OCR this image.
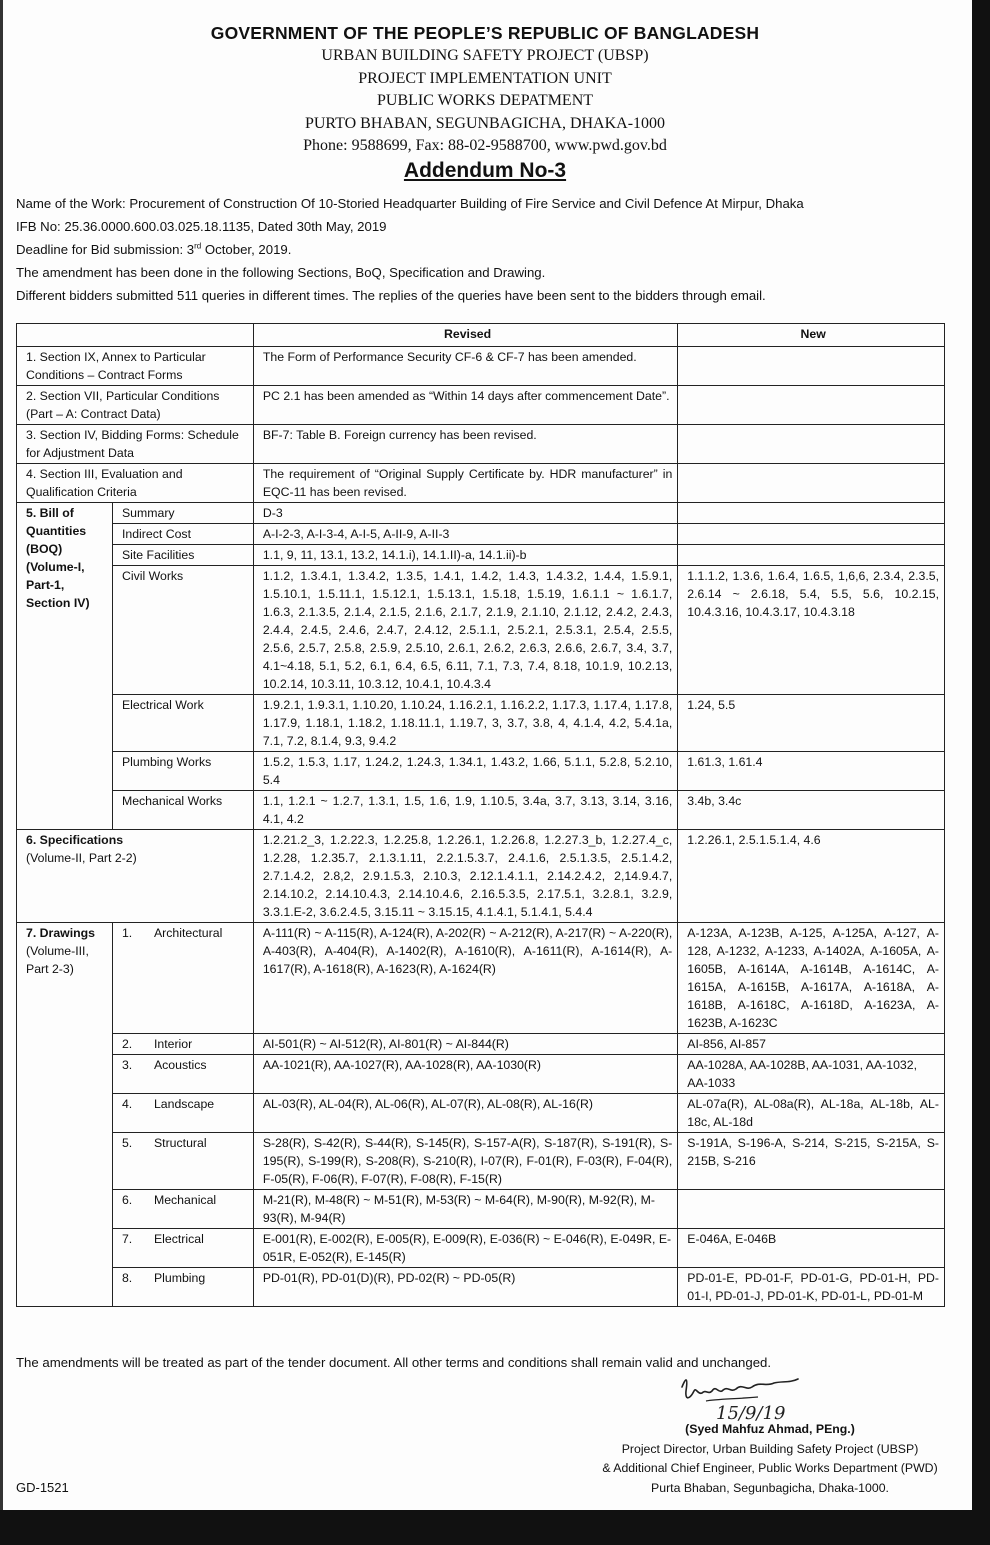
GOVERNMENT OF THE PEOPLE’S REPUBLIC OF BANGLADESH
URBAN BUILDING SAFETY PROJECT (UBSP)
PROJECT IMPLEMENTATION UNIT
PUBLIC WORKS DEPATMENT
PURTO BHABAN, SEGUNBAGICHA, DHAKA-1000
Phone: 9588699, Fax: 88-02-9588700, www.pwd.gov.bd
Addendum No-3
Name of the Work: Procurement of Construction Of 10-Storied Headquarter Building of Fire Service and Civil Defence At Mirpur, Dhaka
IFB No: 25.36.0000.600.03.025.18.1135, Dated 30th May, 2019
Deadline for Bid submission: 3rd October, 2019.
The amendment has been done in the following Sections, BoQ, Specification and Drawing.
Different bidders submitted 511 queries in different times. The replies of the queries have been sent to the bidders through email.
		Revised	New
1. Section IX, Annex to Particular Conditions – Contract Forms		The Form of Performance Security CF-6 & CF-7 has been amended.	
2. Section VII, Particular Conditions (Part – A: Contract Data)		PC 2.1 has been amended as “Within 14 days after commencement Date”.	
3. Section IV, Bidding Forms: Schedule for Adjustment Data		BF-7: Table B. Foreign currency has been revised.	
4. Section III, Evaluation and Qualification Criteria		The requirement of “Original Supply Certificate by. HDR manufacturer” in EQC-11 has been revised.	
5. Bill of Quantities (BOQ) (Volume-I, Part-1, Section IV)	Summary	D-3	
	Indirect Cost	A-I-2-3, A-I-3-4, A-I-5, A-II-9, A-II-3	
	Site Facilities	1.1, 9, 11, 13.1, 13.2, 14.1.i), 14.1.II)-a, 14.1.ii)-b	
	Civil Works	1.1.2, 1.3.4.1, 1.3.4.2, 1.3.5, 1.4.1, 1.4.2, 1.4.3, 1.4.3.2, 1.4.4, 1.5.9.1, 1.5.10.1, 1.5.11.1, 1.5.12.1, 1.5.13.1, 1.5.18, 1.5.19, 1.6.1.1 ~ 1.6.1.7, 1.6.3, 2.1.3.5, 2.1.4, 2.1.5, 2.1.6, 2.1.7, 2.1.9, 2.1.10, 2.1.12, 2.4.2, 2.4.3, 2.4.4, 2.4.5, 2.4.6, 2.4.7, 2.4.12, 2.5.1.1, 2.5.2.1, 2.5.3.1, 2.5.4, 2.5.5, 2.5.6, 2.5.7, 2.5.8, 2.5.9, 2.5.10, 2.6.1, 2.6.2, 2.6.3, 2.6.6, 2.6.7, 3.4, 3.7, 4.1~4.18, 5.1, 5.2, 6.1, 6.4, 6.5, 6.11, 7.1, 7.3, 7.4, 8.18, 10.1.9, 10.2.13, 10.2.14, 10.3.11, 10.3.12, 10.4.1, 10.4.3.4	1.1.1.2, 1.3.6, 1.6.4, 1.6.5, 1,6,6, 2.3.4, 2.3.5, 2.6.14 ~ 2.6.18, 5.4, 5.5, 5.6, 10.2.15, 10.4.3.16, 10.4.3.17, 10.4.3.18
	Electrical Work	1.9.2.1, 1.9.3.1, 1.10.20, 1.10.24, 1.16.2.1, 1.16.2.2, 1.17.3, 1.17.4, 1.17.8, 1.17.9, 1.18.1, 1.18.2, 1.18.11.1, 1.19.7, 3, 3.7, 3.8, 4, 4.1.4, 4.2, 5.4.1a, 7.1, 7.2, 8.1.4, 9.3, 9.4.2	1.24, 5.5
	Plumbing Works	1.5.2, 1.5.3, 1.17, 1.24.2, 1.24.3, 1.34.1, 1.43.2, 1.66, 5.1.1, 5.2.8, 5.2.10, 5.4	1.61.3, 1.61.4
	Mechanical Works	1.1, 1.2.1 ~ 1.2.7, 1.3.1, 1.5, 1.6, 1.9, 1.10.5, 3.4a, 3.7, 3.13, 3.14, 3.16, 4.1, 4.2	3.4b, 3.4c

6. Specifications
(Volume-II, Part 2-2)		1.2.21.2_3, 1.2.22.3, 1.2.25.8, 1.2.26.1, 1.2.26.8, 1.2.27.3_b, 1.2.27.4_c, 1.2.28, 1.2.35.7, 2.1.3.1.11, 2.2.1.5.3.7, 2.4.1.6, 2.5.1.3.5, 2.5.1.4.2, 2.7.1.4.2, 2.8,2, 2.9.1.5.3, 2.10.3, 2.12.1.4.1.1, 2.14.2.4.2, 2,14.9.4.7, 2.14.10.2, 2.14.10.4.3, 2.14.10.4.6, 2.16.5.3.5, 2.17.5.1, 3.2.8.1, 3.2.9, 3.3.1.E-2, 3.6.2.4.5, 3.15.11 ~ 3.15.15, 4.1.4.1, 5.1.4.1, 5.4.4	1.2.26.1, 2.5.1.5.1.4, 4.6

7. Drawings
(Volume-III, Part 2-3)	1. Architectural	A-111(R) ~ A-115(R), A-124(R), A-202(R) ~ A-212(R), A-217(R) ~ A-220(R), A-403(R), A-404(R), A-1402(R), A-1610(R), A-1611(R), A-1614(R), A-1617(R), A-1618(R), A-1623(R), A-1624(R)	A-123A, A-123B, A-125, A-125A, A-127, A-128, A-1232, A-1233, A-1402A, A-1605A, A-1605B, A-1614A, A-1614B, A-1614C, A-1615A, A-1615B, A-1617A, A-1618A, A-1618B, A-1618C, A-1618D, A-1623A, A-1623B, A-1623C
	2. Interior	AI-501(R) ~ AI-512(R), AI-801(R) ~ AI-844(R)	AI-856, AI-857
	3. Acoustics	AA-1021(R), AA-1027(R), AA-1028(R), AA-1030(R)	AA-1028A, AA-1028B, AA-1031, AA-1032, AA-1033
	4. Landscape	AL-03(R), AL-04(R), AL-06(R), AL-07(R), AL-08(R), AL-16(R)	AL-07a(R), AL-08a(R), AL-18a, AL-18b, AL-18c, AL-18d
	5. Structural	S-28(R), S-42(R), S-44(R), S-145(R), S-157-A(R), S-187(R), S-191(R), S-195(R), S-199(R), S-208(R), S-210(R), I-07(R), F-01(R), F-03(R), F-04(R), F-05(R), F-06(R), F-07(R), F-08(R), F-15(R)	S-191A, S-196-A, S-214, S-215, S-215A, S-215B, S-216
	6. Mechanical	M-21(R), M-48(R) ~ M-51(R), M-53(R) ~ M-64(R), M-90(R), M-92(R), M-93(R), M-94(R)	
	7. Electrical	E-001(R), E-002(R), E-005(R), E-009(R), E-036(R) ~ E-046(R), E-049R, E-051R, E-052(R), E-145(R)	E-046A, E-046B
	8. Plumbing	PD-01(R), PD-01(D)(R), PD-02(R) ~ PD-05(R)	PD-01-E, PD-01-F, PD-01-G, PD-01-H, PD-01-I, PD-01-J, PD-01-K, PD-01-L, PD-01-M
The amendments will be treated as part of the tender document. All other terms and conditions shall remain valid and unchanged.
15/9/19
(Syed Mahfuz Ahmad, PEng.)
Project Director, Urban Building Safety Project (UBSP)
& Additional Chief Engineer, Public Works Department (PWD)
Purta Bhaban, Segunbagicha, Dhaka-1000.
GD-1521
